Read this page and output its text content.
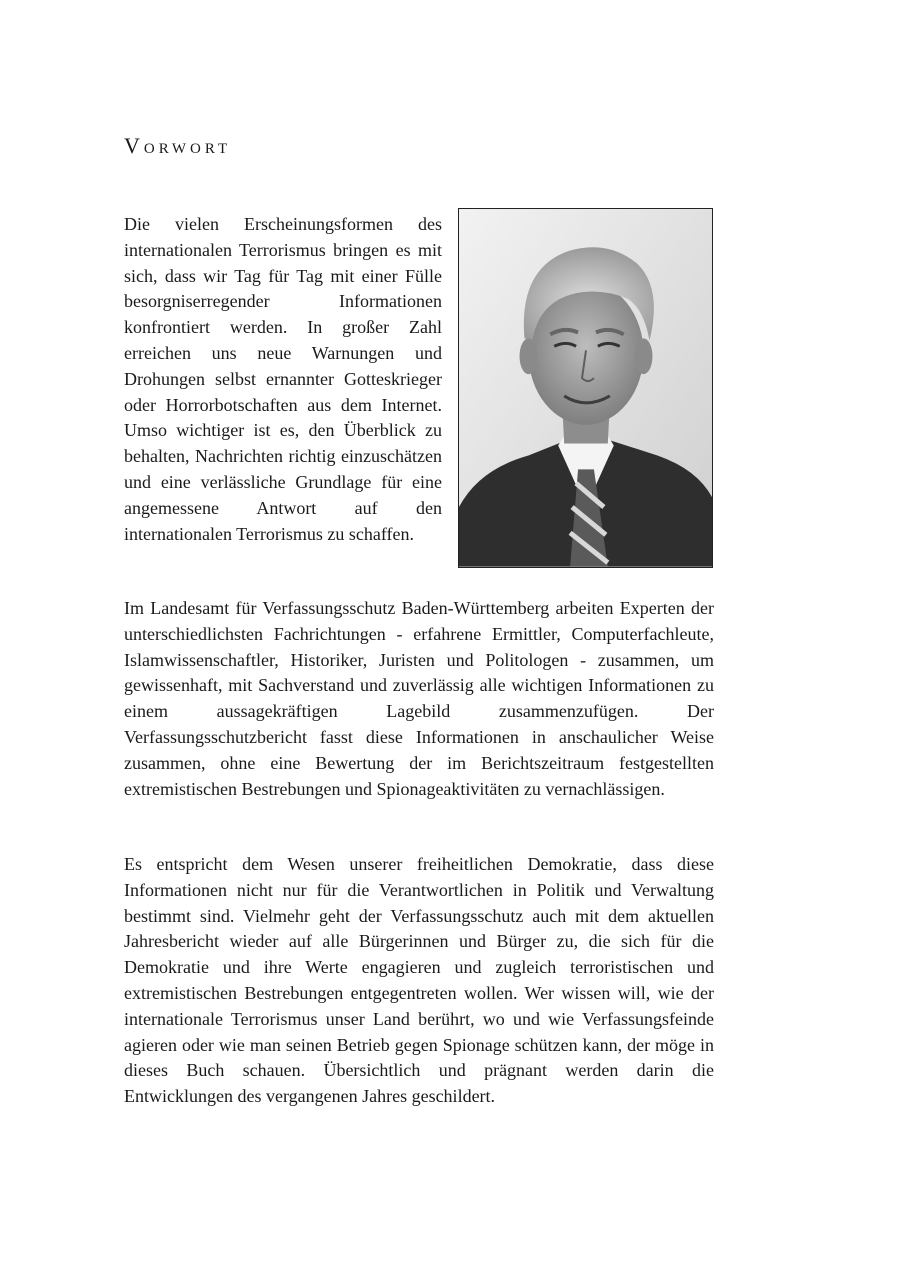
Vorwort

Die vielen Erscheinungsformen des internationalen Terrorismus bringen es mit sich, dass wir Tag für Tag mit einer Fülle besorgniserregender Informationen konfrontiert werden. In großer Zahl erreichen uns neue Warnungen und Drohungen selbst ernannter Gotteskrieger oder Horrorbotschaften aus dem Internet. Umso wichtiger ist es, den Überblick zu behalten, Nachrichten richtig einzuschätzen und eine verlässliche Grundlage für eine angemessene Antwort auf den internationalen Terrorismus zu schaffen.

Im Landesamt für Verfassungsschutz Baden-Württemberg arbeiten Experten der unterschiedlichsten Fachrichtungen - erfahrene Ermittler, Computerfachleute, Islamwissenschaftler, Historiker, Juristen und Politologen - zusammen, um gewissenhaft, mit Sachverstand und zuverlässig alle wichtigen Informationen zu einem aussagekräftigen Lagebild zusammenzufügen. Der Verfassungsschutzbericht fasst diese Informationen in anschaulicher Weise zusammen, ohne eine Bewertung der im Berichtszeitraum festgestellten extremistischen Bestrebungen und Spionageaktivitäten zu vernachlässigen.

Es entspricht dem Wesen unserer freiheitlichen Demokratie, dass diese Informationen nicht nur für die Verantwortlichen in Politik und Verwaltung bestimmt sind. Vielmehr geht der Verfassungsschutz auch mit dem aktuellen Jahresbericht wieder auf alle Bürgerinnen und Bürger zu, die sich für die Demokratie und ihre Werte engagieren und zugleich terroristischen und extremistischen Bestrebungen entgegentreten wollen. Wer wissen will, wie der internationale Terrorismus unser Land berührt, wo und wie Verfassungsfeinde agieren oder wie man seinen Betrieb gegen Spionage schützen kann, der möge in dieses Buch schauen. Übersichtlich und prägnant werden darin die Entwicklungen des vergangenen Jahres geschildert.
